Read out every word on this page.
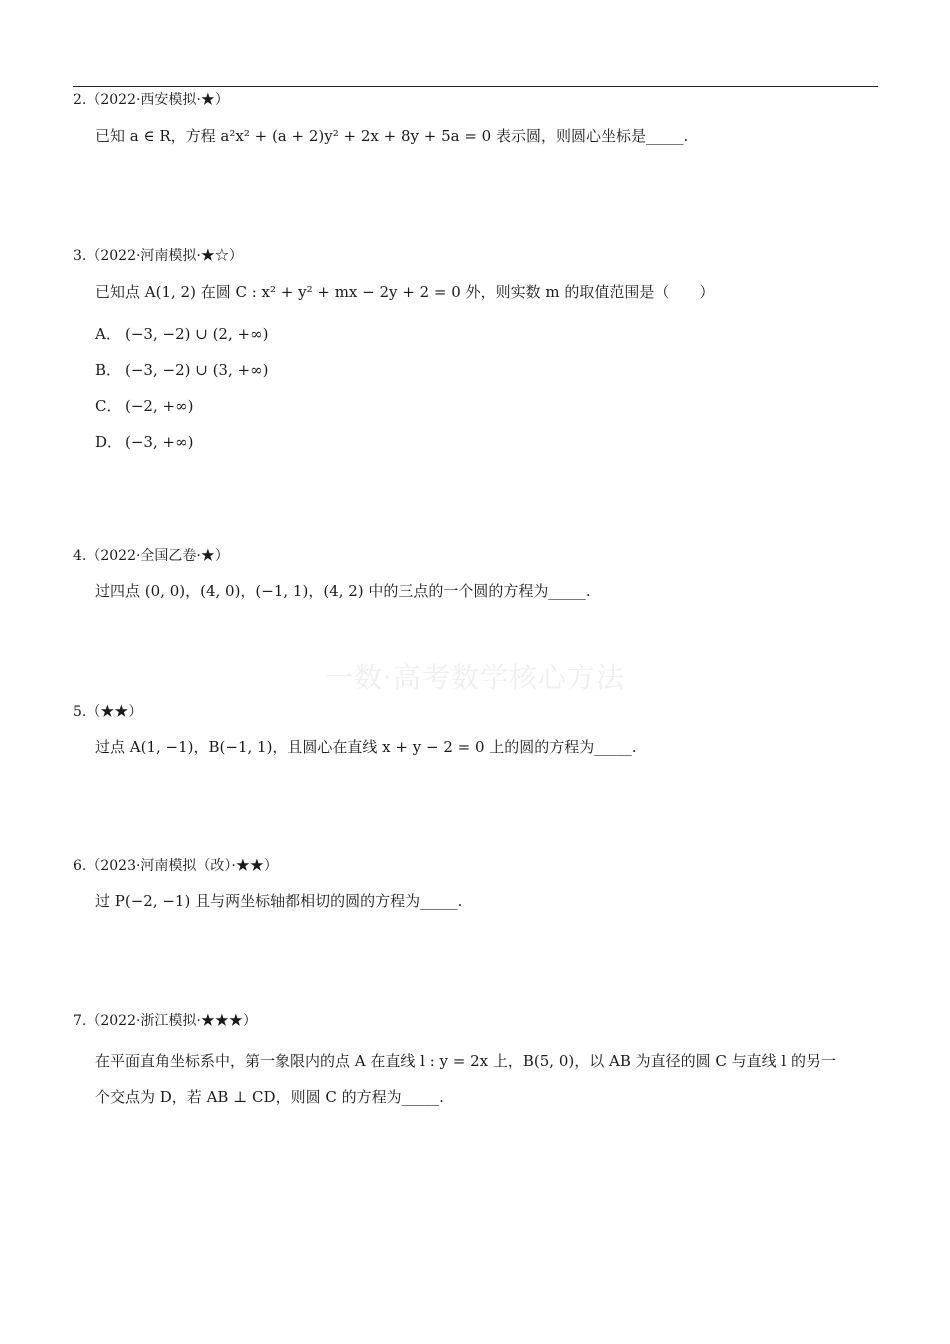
一数·高考数学核心方法
2.（2022·西安模拟·★）
已知 a ∈ R，方程 a²x² + (a + 2)y² + 2x + 8y + 5a = 0 表示圆，则圆心坐标是_____.
3.（2022·河南模拟·★☆）
已知点 A(1, 2) 在圆 C : x² + y² + mx − 2y + 2 = 0 外，则实数 m 的取值范围是（　　）
A． (−3, −2) ∪ (2, +∞)
B． (−3, −2) ∪ (3, +∞)
C． (−2, +∞)
D． (−3, +∞)
4.（2022·全国乙卷·★）
过四点 (0, 0)，(4, 0)，(−1, 1)，(4, 2) 中的三点的一个圆的方程为_____.
5.（★★）
过点 A(1, −1)，B(−1, 1)，且圆心在直线 x + y − 2 = 0 上的圆的方程为_____.
6.（2023·河南模拟（改）·★★）
过 P(−2, −1) 且与两坐标轴都相切的圆的方程为_____.
7.（2022·浙江模拟·★★★）
在平面直角坐标系中，第一象限内的点 A 在直线 l : y = 2x 上，B(5, 0)，以 AB 为直径的圆 C 与直线 l 的另一
个交点为 D，若 AB ⊥ CD，则圆 C 的方程为_____.
